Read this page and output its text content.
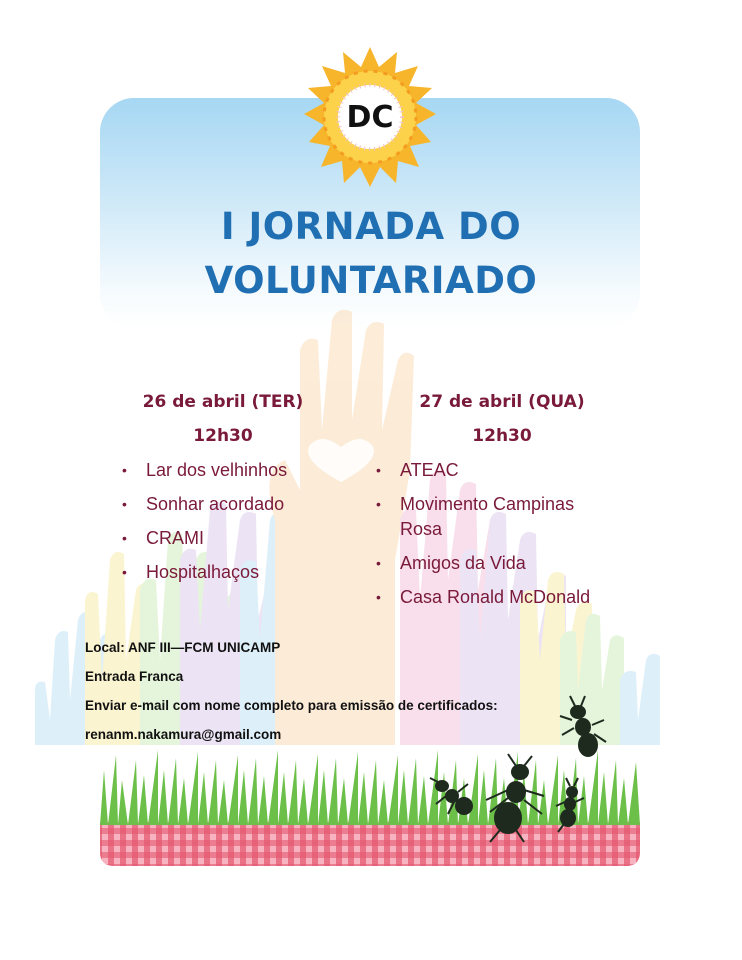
DC
I JORNADA DO
VOLUNTARIADO
26 de abril (TER)
12h30
• Lar dos velhinhos
• Sonhar acordado
• CRAMI
• Hospitalhaços
27 de abril (QUA)
12h30
• ATEAC
• Movimento Campinas Rosa
• Amigos da Vida
• Casa Ronald McDonald
Local: ANF III—FCM UNICAMP
Entrada Franca
Enviar e-mail com nome completo para emissão de certificados:
renanm.nakamura@gmail.com
